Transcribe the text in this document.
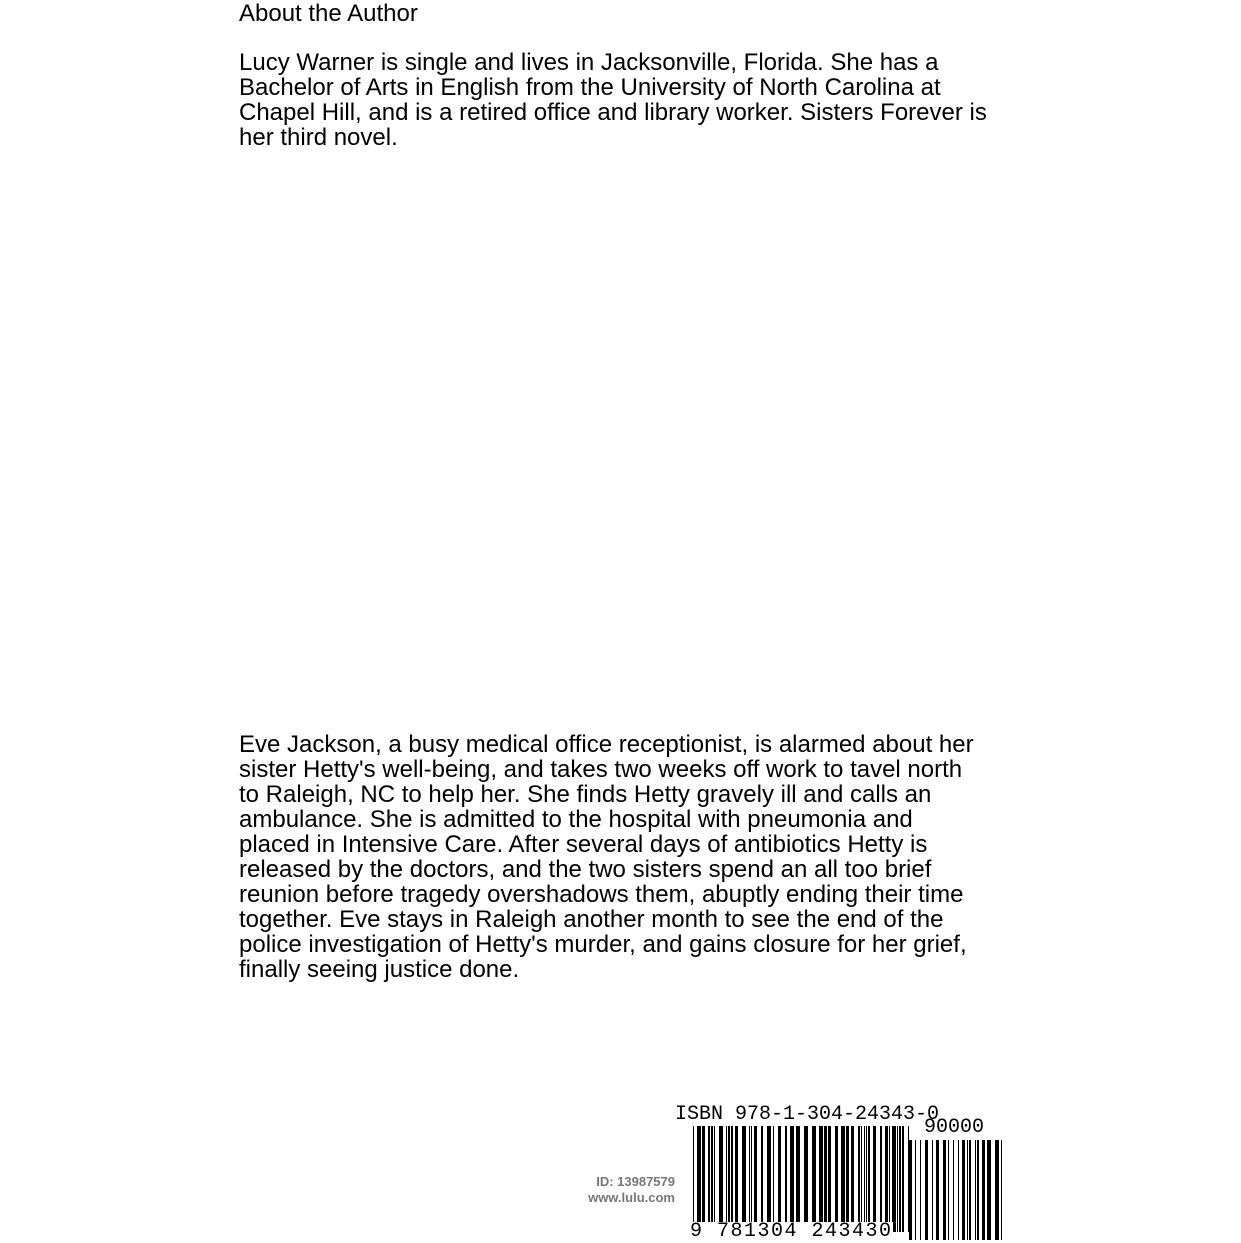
About the Author

Lucy Warner is single and lives in Jacksonville, Florida. She has a Bachelor of Arts in English from the University of North Carolina at Chapel Hill, and is a retired office and library worker. Sisters Forever is her third novel.

Eve Jackson, a busy medical office receptionist, is alarmed about her sister Hetty's well-being, and takes two weeks off work to tavel north to Raleigh, NC to help her. She finds Hetty gravely ill and calls an ambulance. She is admitted to the hospital with pneumonia and placed in Intensive Care. After several days of antibiotics Hetty is released by the doctors, and the two sisters spend an all too brief reunion before tragedy overshadows them, abuptly ending their time together. Eve stays in Raleigh another month to see the end of the police investigation of Hetty's murder, and gains closure for her grief, finally seeing justice done.

ID: 13987579
www.lulu.com
ISBN 978-1-304-24343-0
90000
9 781304 243430
